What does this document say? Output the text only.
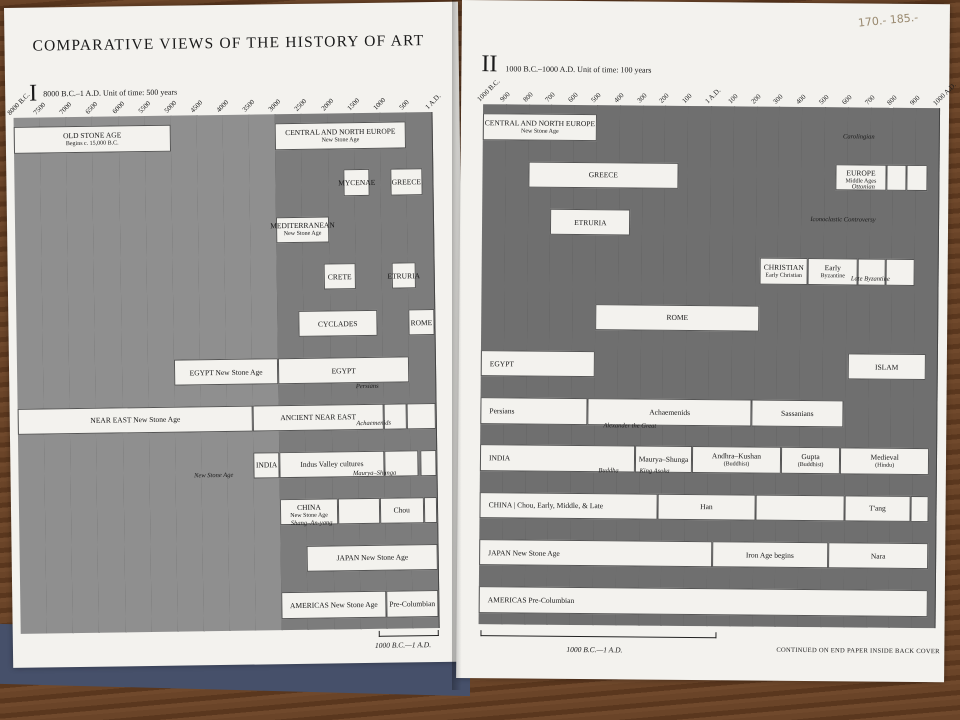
COMPARATIVE VIEWS OF THE HISTORY OF ART
I 8000 B.C.–1 A.D. Unit of time: 500 years
8000 B.C. 7500 7000 6500 6000 5500 5000 4500 4000 3500 3000 2500 2000 1500 1000 500 1 A.D.
OLD STONE AGE

Begins c. 15,000 B.C.
CENTRAL AND NORTH EUROPE

New Stone Age
MYCENAE GREECE
MEDITERRANEAN

New Stone Age
CRETE	ETRURIA
CYCLADES	ROME
EGYPT New Stone Age	EGYPT
NEAR EAST New Stone Age	ANCIENT NEAR EAST
INDIA	Indus Valley cultures
CHINA

New Stone Age
Chou
JAPAN New Stone Age
AMERICAS New Stone Age Pre-Columbian
Persians
Achaemenids
New Stone Age	Maurya–Shunga
Shang–An-yang
1000 B.C.—1 A.D.
170.- 185.-
II 1000 B.C.–1000 A.D. Unit of time: 100 years
1000 B.C.
900 800 700 600 500 400 300 200 100 1 A.D. 100 200 300 400 500 600 700 800 900 1000 A.D.
CENTRAL AND NORTH EUROPE

New Stone Age
GREECE	EUROPE

Middle Ages
ETRURIA
CHRISTIAN

Early Christian
Early

Byzantine
ROME
EGYPT	ISLAM
Persians	Achaemenids	Sassanians
INDIA	Maurya–Shunga	Andhra–Kushan

(Buddhist)
Gupta

(Buddhist)
Medieval

(Hindu)
CHINA | Chou, Early, Middle, & Late	Han	T'ang
JAPAN New Stone Age	Iron Age begins	Nara
AMERICAS Pre-Columbian
Carolingian
Ottonian
Iconoclastic Controversy
Late Byzantine
Alexander the Great
Buddha	King Asoka
1000 B.C.—1 A.D.	CONTINUED ON END PAPER INSIDE BACK COVER
